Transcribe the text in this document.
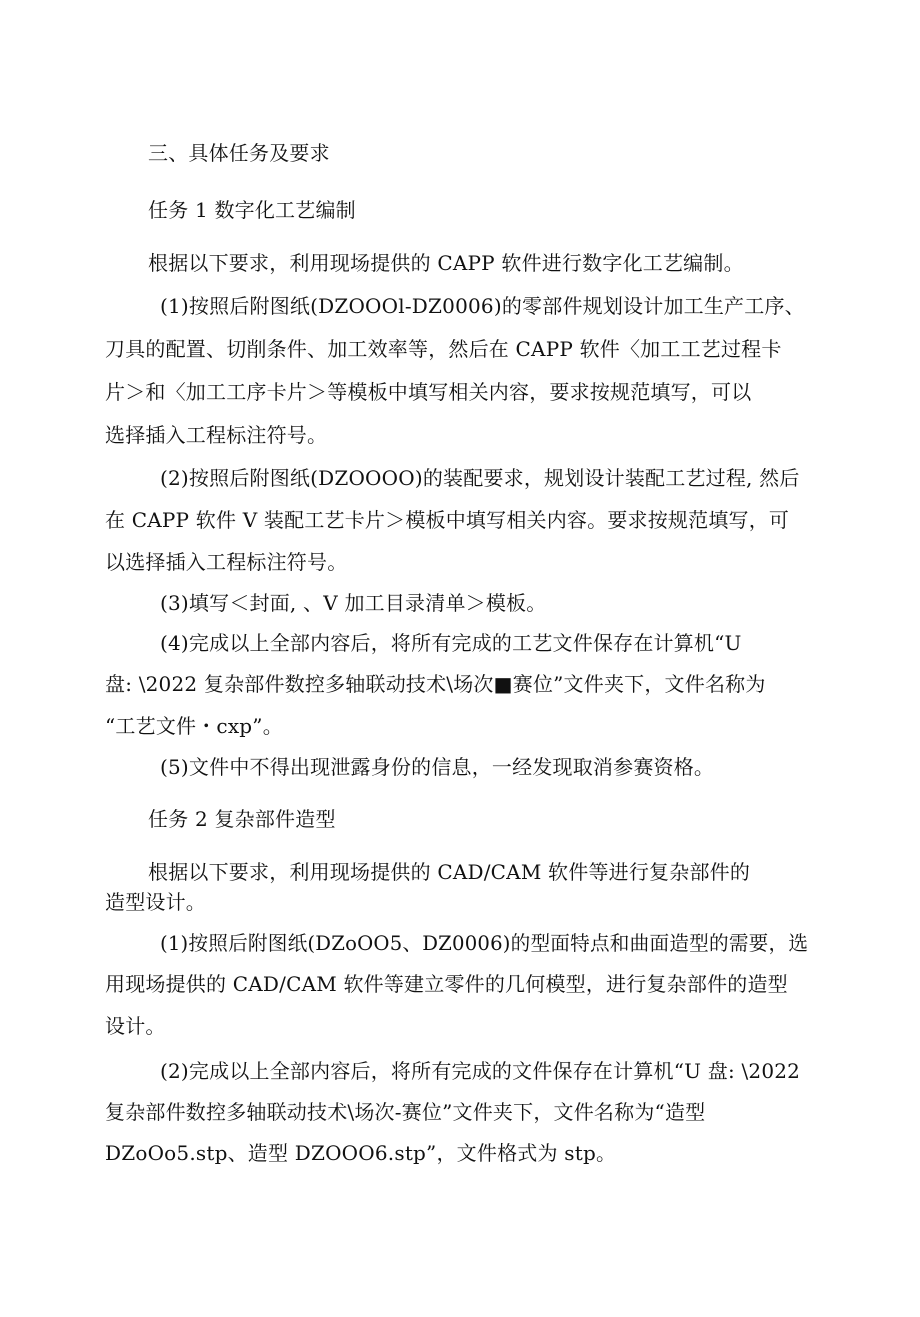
三、具体任务及要求
任务 1 数字化工艺编制
根据以下要求，利用现场提供的 CAPP 软件进行数字化工艺编制。
(1)按照后附图纸(DZOOOl-DZ0006)的零部件规划设计加工生产工序、
刀具的配置、切削条件、加工效率等，然后在 CAPP 软件〈加工工艺过程卡
片＞和〈加工工序卡片＞等模板中填写相关内容，要求按规范填写，可以
选择插入工程标注符号。
(2)按照后附图纸(DZOOOO)的装配要求，规划设计装配工艺过程, 然后
在 CAPP 软件 V 装配工艺卡片＞模板中填写相关内容。要求按规范填写，可
以选择插入工程标注符号。
(3)填写＜封面, 、V 加工目录清单＞模板。
(4)完成以上全部内容后，将所有完成的工艺文件保存在计算机“U
盘: \2022 复杂部件数控多轴联动技术\场次■赛位”文件夹下，文件名称为
“工艺文件・cxp”。
(5)文件中不得出现泄露身份的信息，一经发现取消参赛资格。
任务 2 复杂部件造型
根据以下要求，利用现场提供的 CAD/CAM 软件等进行复杂部件的
造型设计。
(1)按照后附图纸(DZoOO5、DZ0006)的型面特点和曲面造型的需要，选
用现场提供的 CAD/CAM 软件等建立零件的几何模型，进行复杂部件的造型
设计。
(2)完成以上全部内容后，将所有完成的文件保存在计算机“U 盘: \2022
复杂部件数控多轴联动技术\场次-赛位”文件夹下，文件名称为“造型
DZoOo5.stp、造型 DZOOO6.stp”，文件格式为 stp。
